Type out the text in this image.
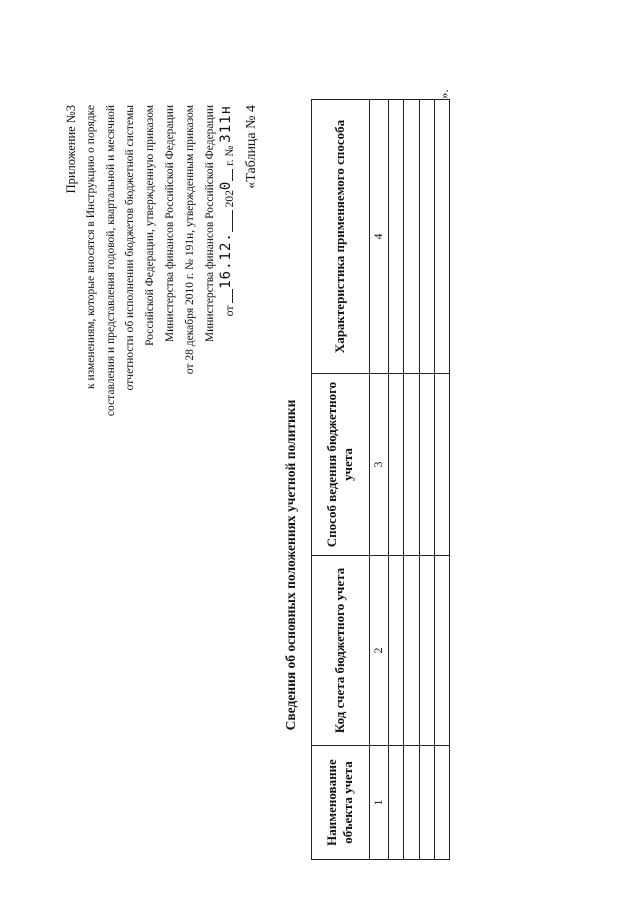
Приложение №3 к изменениям, которые вносятся в Инструкцию о порядке составления и представления годовой, квартальной и месячной отчетности об исполнении бюджетов бюджетной системы Российской Федерации, утвержденную приказом Министерства финансов Российской Федерации от 28 декабря 2010 г. № 191н, утвержденным приказом Министерства финансов Российской Федерации от 16.12. 2020 г. № 311н «Таблица № 4
Сведения об основных положениях учетной политики
Наименование объекта учета	Код счета бюджетного учета	Способ ведения бюджетного учета	Характеристика применяемого способа
1	2	3	4

».
